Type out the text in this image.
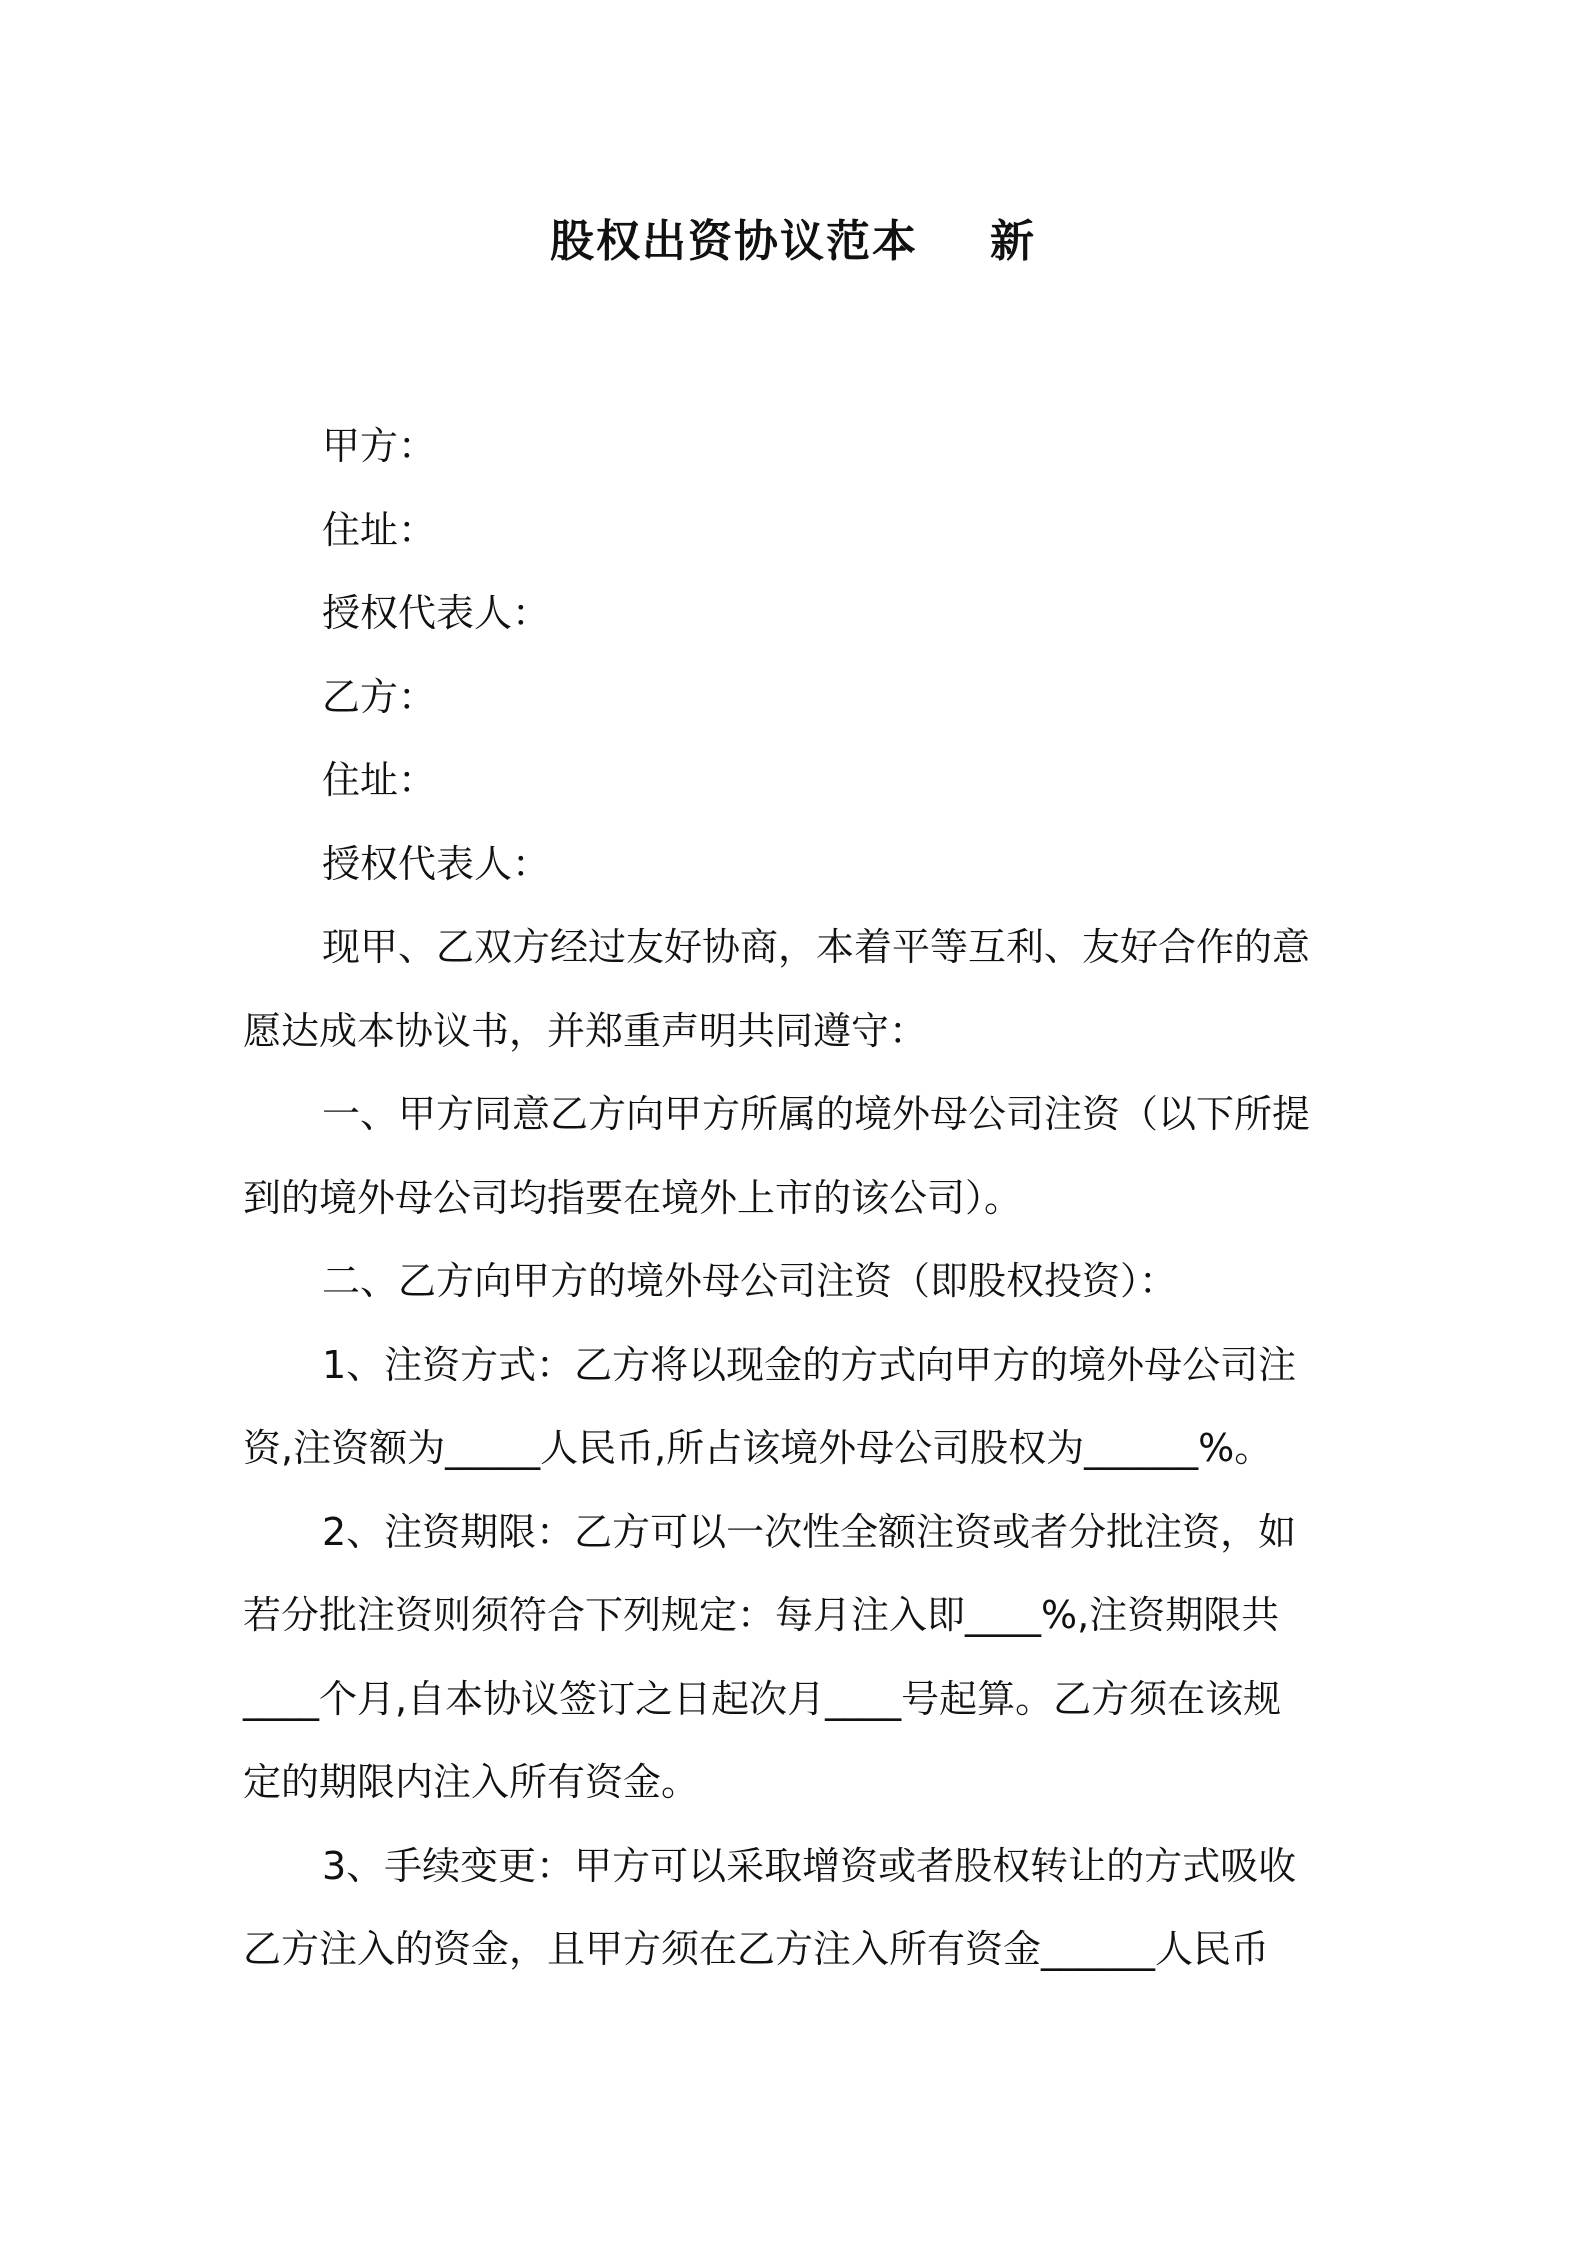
股权出资协议范本 新
甲方：
住址：
授权代表人：
乙方：
住址：
授权代表人：
现甲、乙双方经过友好协商，本着平等互利、友好合作的意
愿达成本协议书，并郑重声明共同遵守：
一、甲方同意乙方向甲方所属的境外母公司注资（以下所提
到的境外母公司均指要在境外上市的该公司）。
二、乙方向甲方的境外母公司注资（即股权投资）：
1、注资方式：乙方将以现金的方式向甲方的境外母公司注
资,注资额为_____人民币,所占该境外母公司股权为______%。
2、注资期限：乙方可以一次性全额注资或者分批注资，如
若分批注资则须符合下列规定：每月注入即____%,注资期限共
____个月,自本协议签订之日起次月____号起算。乙方须在该规
定的期限内注入所有资金。
3、手续变更：甲方可以采取增资或者股权转让的方式吸收
乙方注入的资金，且甲方须在乙方注入所有资金______人民币
